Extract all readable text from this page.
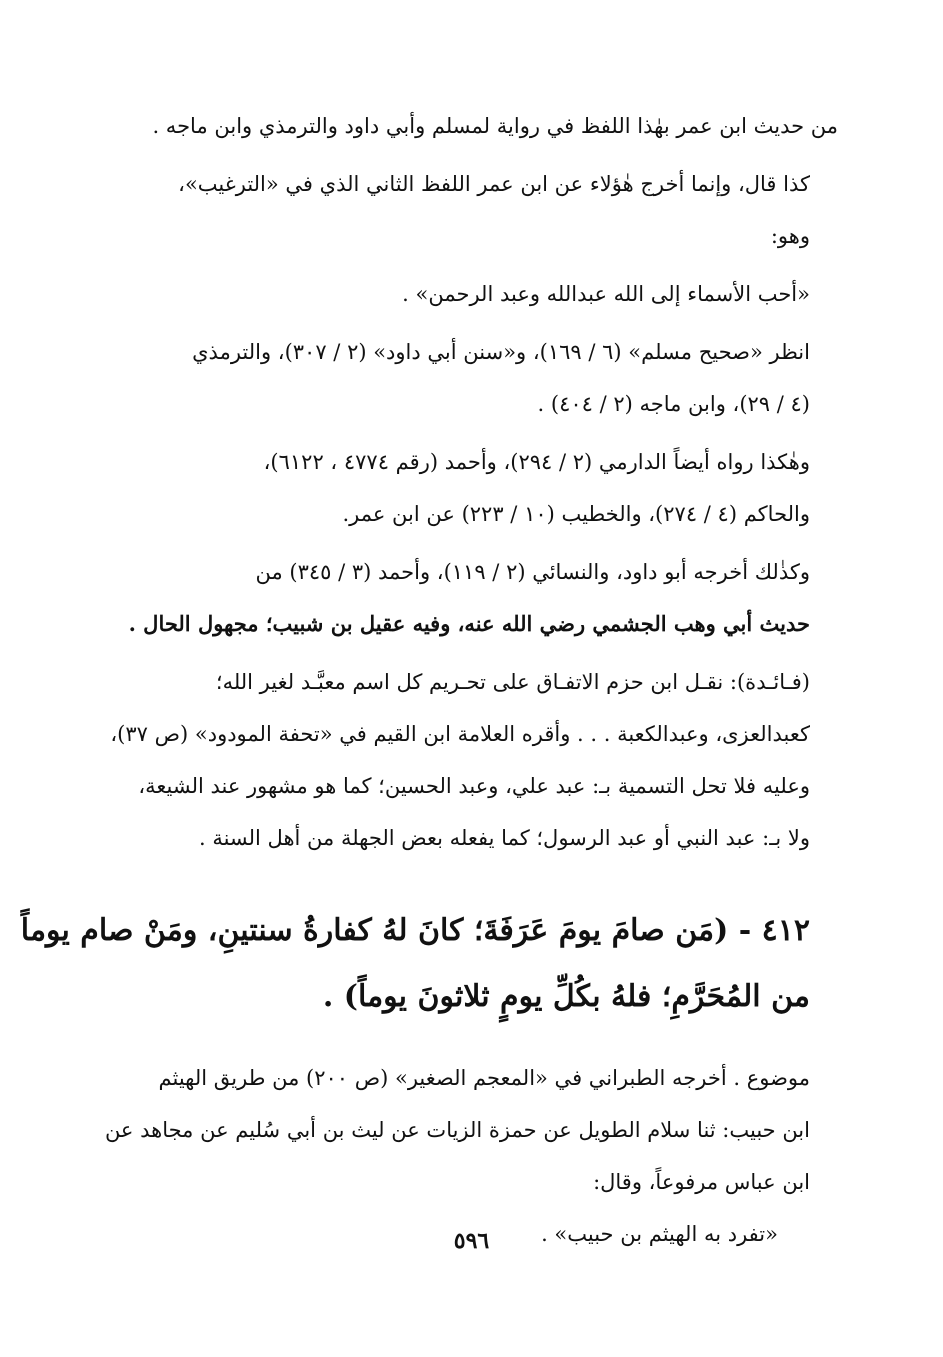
من حديث ابن عمر بهٰذا اللفظ في رواية لمسلم وأبي داود والترمذي وابن ماجه .

كذا قال، وإنما أخرج هٰؤلاء عن ابن عمر اللفظ الثاني الذي في «الترغيب»،
وهو:

«أحب الأسماء إلى الله عبدالله وعبد الرحمن» .

انظر «صحيح مسلم» (٦ / ١٦٩)، و«سنن أبي داود» (٢ / ٣٠٧)، والترمذي
(٤ / ٢٩)، وابن ماجه (٢ / ٤٠٤) .

وهٰكذا رواه أيضاً الدارمي (٢ / ٢٩٤)، وأحمد (رقم ٤٧٧٤ ، ٦١٢٢)،
والحاكم (٤ / ٢٧٤)، والخطيب (١٠ / ٢٢٣) عن ابن عمر.

وكذٰلك أخرجه أبو داود، والنسائي (٢ / ١١٩)، وأحمد (٣ / ٣٤٥) من
حديث أبي وهب الجشمي رضي الله عنه، وفيه عقيل بن شبيب؛ مجهول الحال .

(فـائـدة): نقـل ابن حزم الاتفـاق على تحـريم كل اسم معبَّـد لغير الله؛
كعبدالعزى، وعبدالكعبة . . . وأقره العلامة ابن القيم في «تحفة المودود» (ص ٣٧)،
وعليه فلا تحل التسمية بـ: عبد علي، وعبد الحسين؛ كما هو مشهور عند الشيعة،
ولا بـ: عبد النبي أو عبد الرسول؛ كما يفعله بعض الجهلة من أهل السنة .

٤١٢ - (مَن صامَ يومَ عَرَفَةَ؛ كانَ لهُ كفارةُ سنتينِ، ومَنْ صام يوماً
من المُحَرَّمِ؛ فلهُ بكُلِّ يومٍ ثلاثونَ يوماً) .

موضوع . أخرجه الطبراني في «المعجم الصغير» (ص ٢٠٠) من طريق الهيثم
ابن حبيب: ثنا سلام الطويل عن حمزة الزيات عن ليث بن أبي سُليم عن مجاهد عن
ابن عباس مرفوعاً، وقال:

«تفرد به الهيثم بن حبيب» .

٥٩٦
